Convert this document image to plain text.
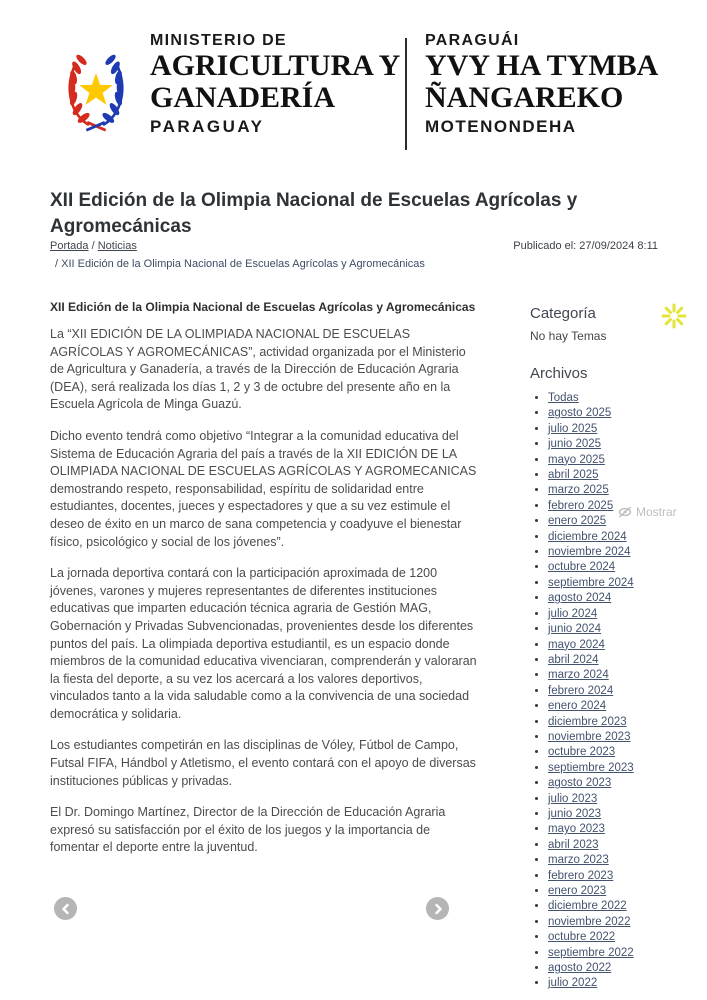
MINISTERIO DE
AGRICULTURA Y
GANADERÍA
PARAGUAY
PARAGUÁI
YVY HA TYMBA
ÑANGAREKO
MOTENONDEHA
XII Edición de la Olimpia Nacional de Escuelas Agrícolas y Agromecánicas
Portada / Noticias	Publicado el: 27/09/2024 8:11
/ XII Edición de la Olimpia Nacional de Escuelas Agrícolas y Agromecánicas
XII Edición de la Olimpia Nacional de Escuelas Agrícolas y Agromecánicas

La “XII EDICIÓN DE LA OLIMPIADA NACIONAL DE ESCUELAS AGRÍCOLAS Y AGROMECÁNICAS”, actividad organizada por el Ministerio de Agricultura y Ganadería, a través de la Dirección de Educación Agraria (DEA), será realizada los días 1, 2 y 3 de octubre del presente año en la Escuela Agrícola de Minga Guazú.

Dicho evento tendrá como objetivo “Integrar a la comunidad educativa del Sistema de Educación Agraria del país a través de la XII EDICIÓN DE LA OLIMPIADA NACIONAL DE ESCUELAS AGRÍCOLAS Y AGROMECANICAS demostrando respeto, responsabilidad, espíritu de solidaridad entre estudiantes, docentes, jueces y espectadores y que a su vez estimule el deseo de éxito en un marco de sana competencia y coadyuve el bienestar físico, psicológico y social de los jóvenes”.

La jornada deportiva contará con la participación aproximada de 1200 jóvenes, varones y mujeres representantes de diferentes instituciones educativas que imparten educación técnica agraria de Gestión MAG, Gobernación y Privadas Subvencionadas, provenientes desde los diferentes puntos del país. La olimpiada deportiva estudiantil, es un espacio donde miembros de la comunidad educativa vivenciaran, comprenderán y valoraran la fiesta del deporte, a su vez los acercará a los valores deportivos, vinculados tanto a la vida saludable como a la convivencia de una sociedad democrática y solidaria.

Los estudiantes competirán en las disciplinas de Vóley, Fútbol de Campo, Futsal FIFA, Hándbol y Atletismo, el evento contará con el apoyo de diversas instituciones públicas y privadas.

El Dr. Domingo Martínez, Director de la Dirección de Educación Agraria expresó su satisfacción por el éxito de los juegos y la importancia de fomentar el deporte entre la juventud.

Categoría
No hay Temas
Archivos
• Todas
• agosto 2025
• julio 2025
• junio 2025
• mayo 2025
• abril 2025
• marzo 2025
• febrero 2025
• enero 2025
• diciembre 2024
• noviembre 2024
• octubre 2024
• septiembre 2024
• agosto 2024
• julio 2024
• junio 2024
• mayo 2024
• abril 2024
• marzo 2024
• febrero 2024
• enero 2024
• diciembre 2023
• noviembre 2023
• octubre 2023
• septiembre 2023
• agosto 2023
• julio 2023
• junio 2023
• mayo 2023
• abril 2023
• marzo 2023
• febrero 2023
• enero 2023
• diciembre 2022
• noviembre 2022
• octubre 2022
• septiembre 2022
• agosto 2022
• julio 2022
Mostrar
